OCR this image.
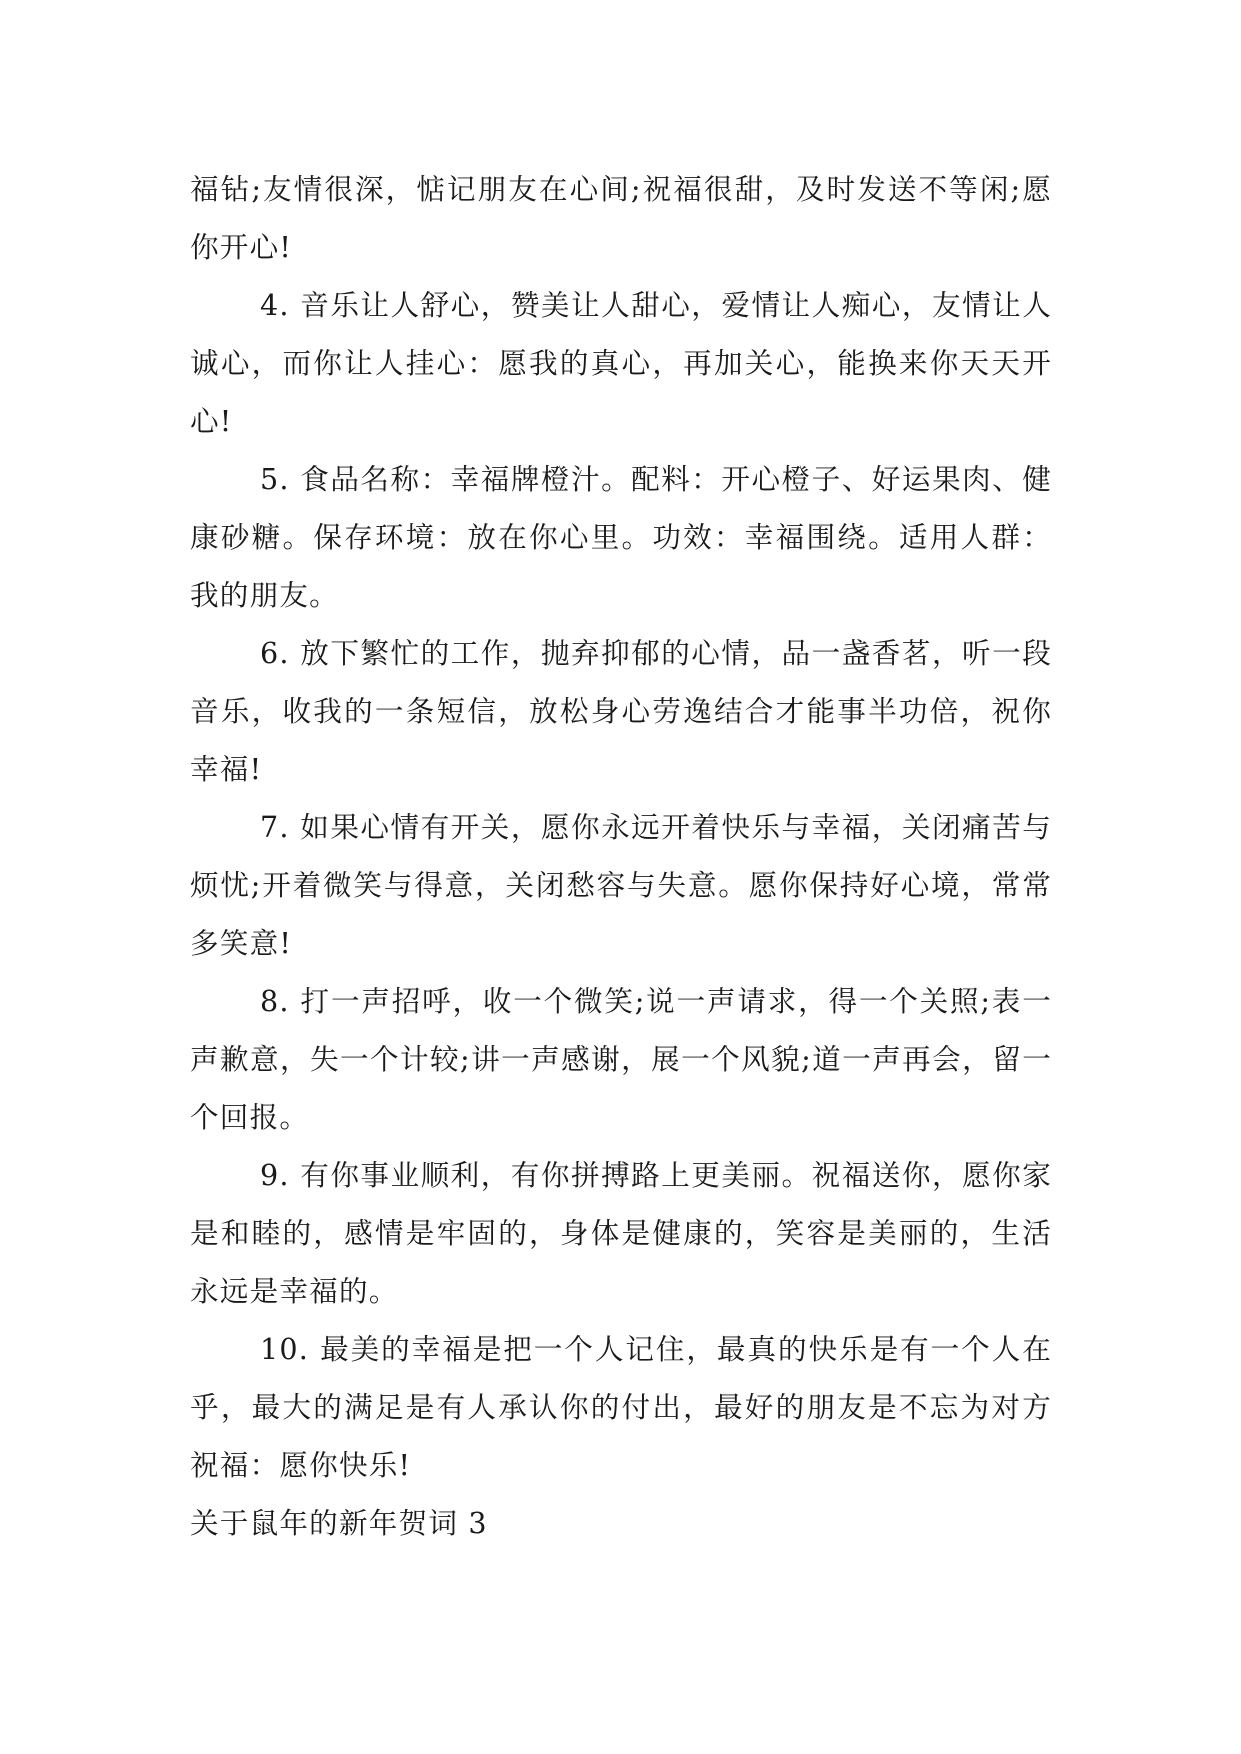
福钻;友情很深，惦记朋友在心间;祝福很甜，及时发送不等闲;愿你开心!

4. 音乐让人舒心，赞美让人甜心，爱情让人痴心，友情让人诚心，而你让人挂心：愿我的真心，再加关心，能换来你天天开心!

5. 食品名称：幸福牌橙汁。配料：开心橙子、好运果肉、健康砂糖。保存环境：放在你心里。功效：幸福围绕。适用人群：我的朋友。

6. 放下繁忙的工作，抛弃抑郁的心情，品一盏香茗，听一段音乐，收我的一条短信，放松身心劳逸结合才能事半功倍，祝你幸福!

7. 如果心情有开关，愿你永远开着快乐与幸福，关闭痛苦与烦忧;开着微笑与得意，关闭愁容与失意。愿你保持好心境，常常多笑意!

8. 打一声招呼，收一个微笑;说一声请求，得一个关照;表一声歉意，失一个计较;讲一声感谢，展一个风貌;道一声再会，留一个回报。

9. 有你事业顺利，有你拼搏路上更美丽。祝福送你，愿你家是和睦的，感情是牢固的，身体是健康的，笑容是美丽的，生活永远是幸福的。

10. 最美的幸福是把一个人记住，最真的快乐是有一个人在乎，最大的满足是有人承认你的付出，最好的朋友是不忘为对方祝福：愿你快乐!

关于鼠年的新年贺词 3
